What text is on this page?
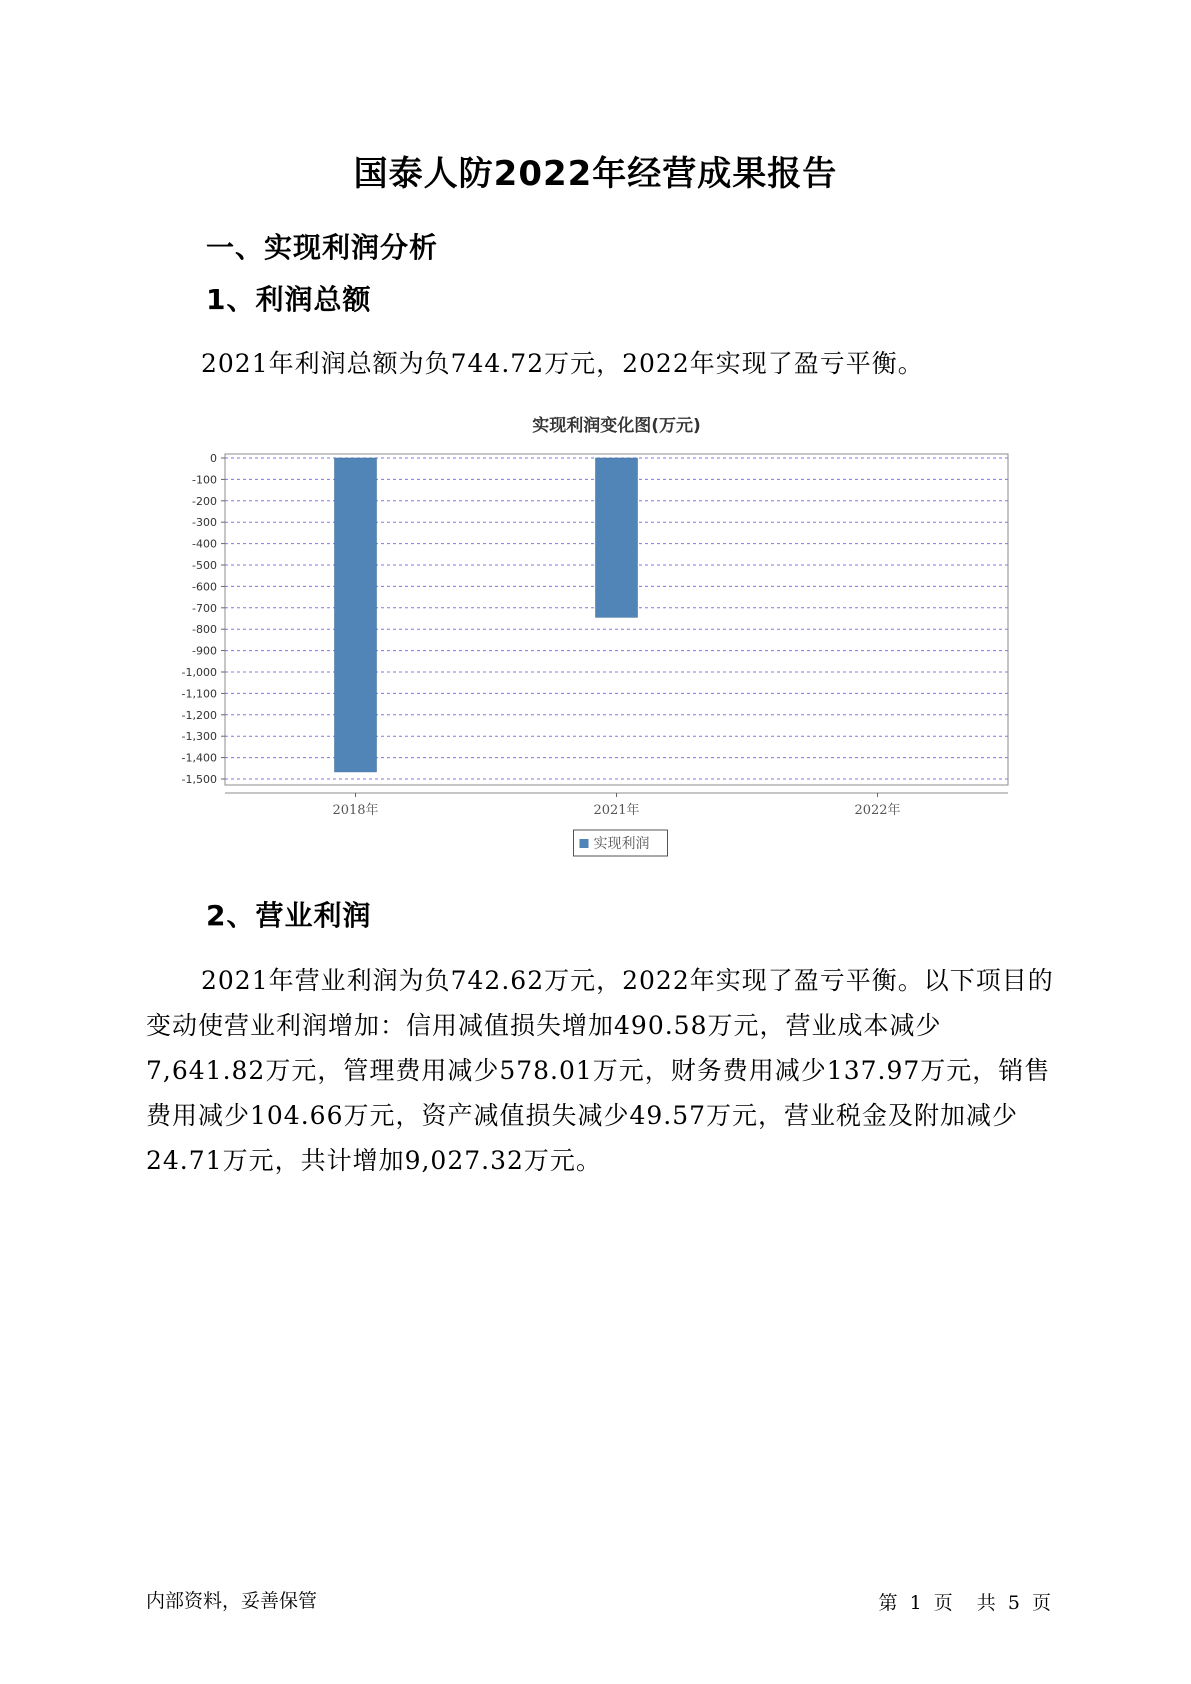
国泰人防2022年经营成果报告
一、实现利润分析
1、利润总额
2021年利润总额为负744.72万元，2022年实现了盈亏平衡。
实现利润变化图(万元)
0
-100
-200
-300
-400
-500
-600
-700
-800
-900
-1,000
-1,100
-1,200
-1,300
-1,400
-1,500
2018年	2021年	2022年
实现利润
2、营业利润
2021年营业利润为负742.62万元，2022年实现了盈亏平衡。以下项目的变动使营业利润增加：信用减值损失增加490.58万元，营业成本减少7,641.82万元，管理费用减少578.01万元，财务费用减少137.97万元，销售费用减少104.66万元，资产减值损失减少49.57万元，营业税金及附加减少24.71万元，共计增加9,027.32万元。
内部资料，妥善保管	第 1 页 共 5 页
